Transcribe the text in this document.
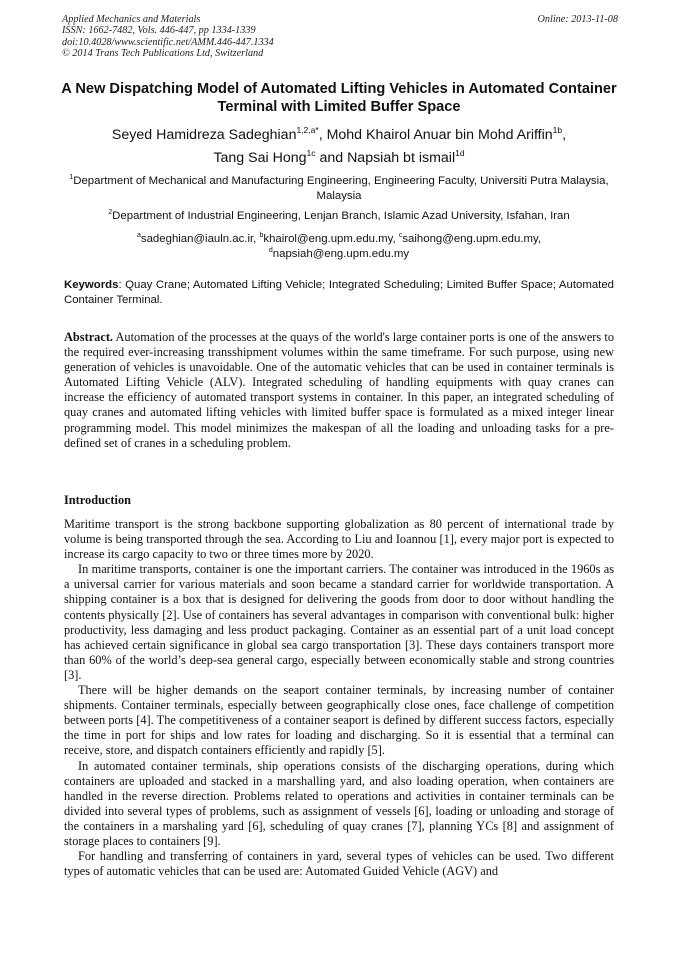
Applied Mechanics and Materials
ISSN: 1662-7482, Vols. 446-447, pp 1334-1339
doi:10.4028/www.scientific.net/AMM.446-447.1334
© 2014 Trans Tech Publications Ltd, Switzerland
Online: 2013-11-08
A New Dispatching Model of Automated Lifting Vehicles in Automated Container Terminal with Limited Buffer Space
Seyed Hamidreza Sadeghian$^{1,2,a*}$, Mohd Khairol Anuar bin Mohd Ariffin$^{1b}$,
Tang Sai Hong$^{1c}$ and Napsiah bt ismail$^{1d}$
$^1$Department of Mechanical and Manufacturing Engineering, Engineering Faculty, Universiti Putra Malaysia, Malaysia
$^2$Department of Industrial Engineering, Lenjan Branch, Islamic Azad University, Isfahan, Iran
$^a$sadeghian@iauln.ac.ir, $^b$khairol@eng.upm.edu.my, $^c$saihong@eng.upm.edu.my,
$^d$napsiah@eng.upm.edu.my
Keywords: Quay Crane; Automated Lifting Vehicle; Integrated Scheduling; Limited Buffer Space; Automated Container Terminal.
Abstract. Automation of the processes at the quays of the world's large container ports is one of the answers to the required ever-increasing transshipment volumes within the same timeframe. For such purpose, using new generation of vehicles is unavoidable. One of the automatic vehicles that can be used in container terminals is Automated Lifting Vehicle (ALV). Integrated scheduling of handling equipments with quay cranes can increase the efficiency of automated transport systems in container. In this paper, an integrated scheduling of quay cranes and automated lifting vehicles with limited buffer space is formulated as a mixed integer linear programming model. This model minimizes the makespan of all the loading and unloading tasks for a pre-defined set of cranes in a scheduling problem.
Introduction

Maritime transport is the strong backbone supporting globalization as 80 percent of international trade by volume is being transported through the sea. According to Liu and Ioannou [1], every major port is expected to increase its cargo capacity to two or three times more by 2020.

In maritime transports, container is one the important carriers. The container was introduced in the 1960s as a universal carrier for various materials and soon became a standard carrier for worldwide transportation. A shipping container is a box that is designed for delivering the goods from door to door without handling the contents physically [2]. Use of containers has several advantages in comparison with conventional bulk: higher productivity, less damaging and less product packaging. Container as an essential part of a unit load concept has achieved certain significance in global sea cargo transportation [3]. These days containers transport more than 60% of the world’s deep-sea general cargo, especially between economically stable and strong countries [3].

There will be higher demands on the seaport container terminals, by increasing number of container shipments. Container terminals, especially between geographically close ones, face challenge of competition between ports [4]. The competitiveness of a container seaport is defined by different success factors, especially the time in port for ships and low rates for loading and discharging. So it is essential that a terminal can receive, store, and dispatch containers efficiently and rapidly [5].

In automated container terminals, ship operations consists of the discharging operations, during which containers are uploaded and stacked in a marshalling yard, and also loading operation, when containers are handled in the reverse direction. Problems related to operations and activities in container terminals can be divided into several types of problems, such as assignment of vessels [6], loading or unloading and storage of the containers in a marshaling yard [6], scheduling of quay cranes [7], planning YCs [8] and assignment of storage places to containers [9].

For handling and transferring of containers in yard, several types of vehicles can be used. Two different types of automatic vehicles that can be used are: Automated Guided Vehicle (AGV) and
